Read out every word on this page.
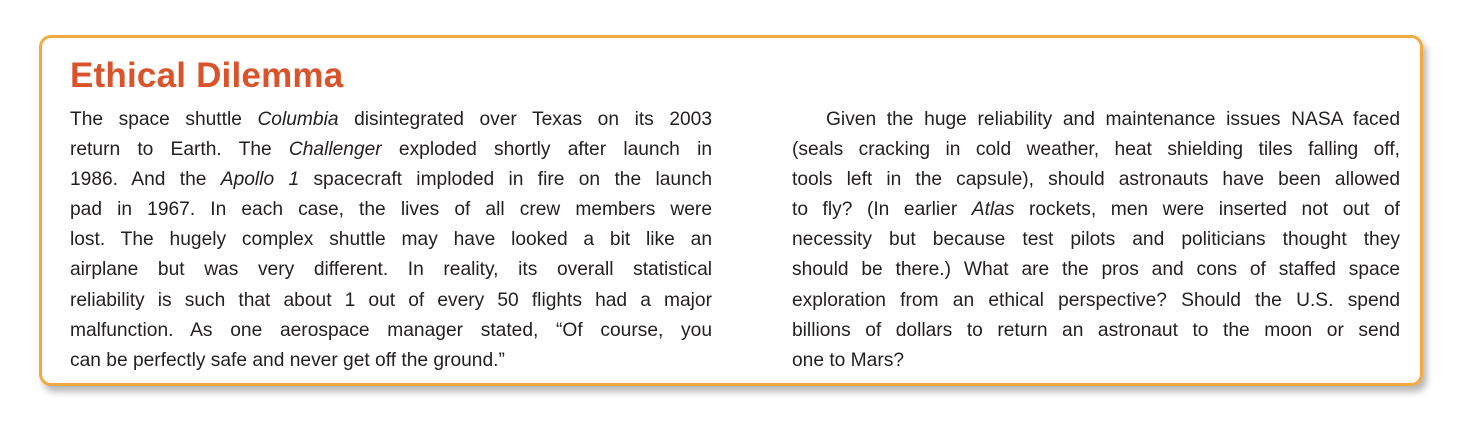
Ethical Dilemma

The space shuttle Columbia disintegrated over Texas on its 2003
return to Earth. The Challenger exploded shortly after launch in
1986. And the Apollo 1 spacecraft imploded in fire on the launch
pad in 1967. In each case, the lives of all crew members were
lost. The hugely complex shuttle may have looked a bit like an
airplane but was very different. In reality, its overall statistical
reliability is such that about 1 out of every 50 flights had a major
malfunction. As one aerospace manager stated, “Of course, you
can be perfectly safe and never get off the ground.”

Given the huge reliability and maintenance issues NASA faced
(seals cracking in cold weather, heat shielding tiles falling off,
tools left in the capsule), should astronauts have been allowed
to fly? (In earlier Atlas rockets, men were inserted not out of
necessity but because test pilots and politicians thought they
should be there.) What are the pros and cons of staffed space
exploration from an ethical perspective? Should the U.S. spend
billions of dollars to return an astronaut to the moon or send
one to Mars?
